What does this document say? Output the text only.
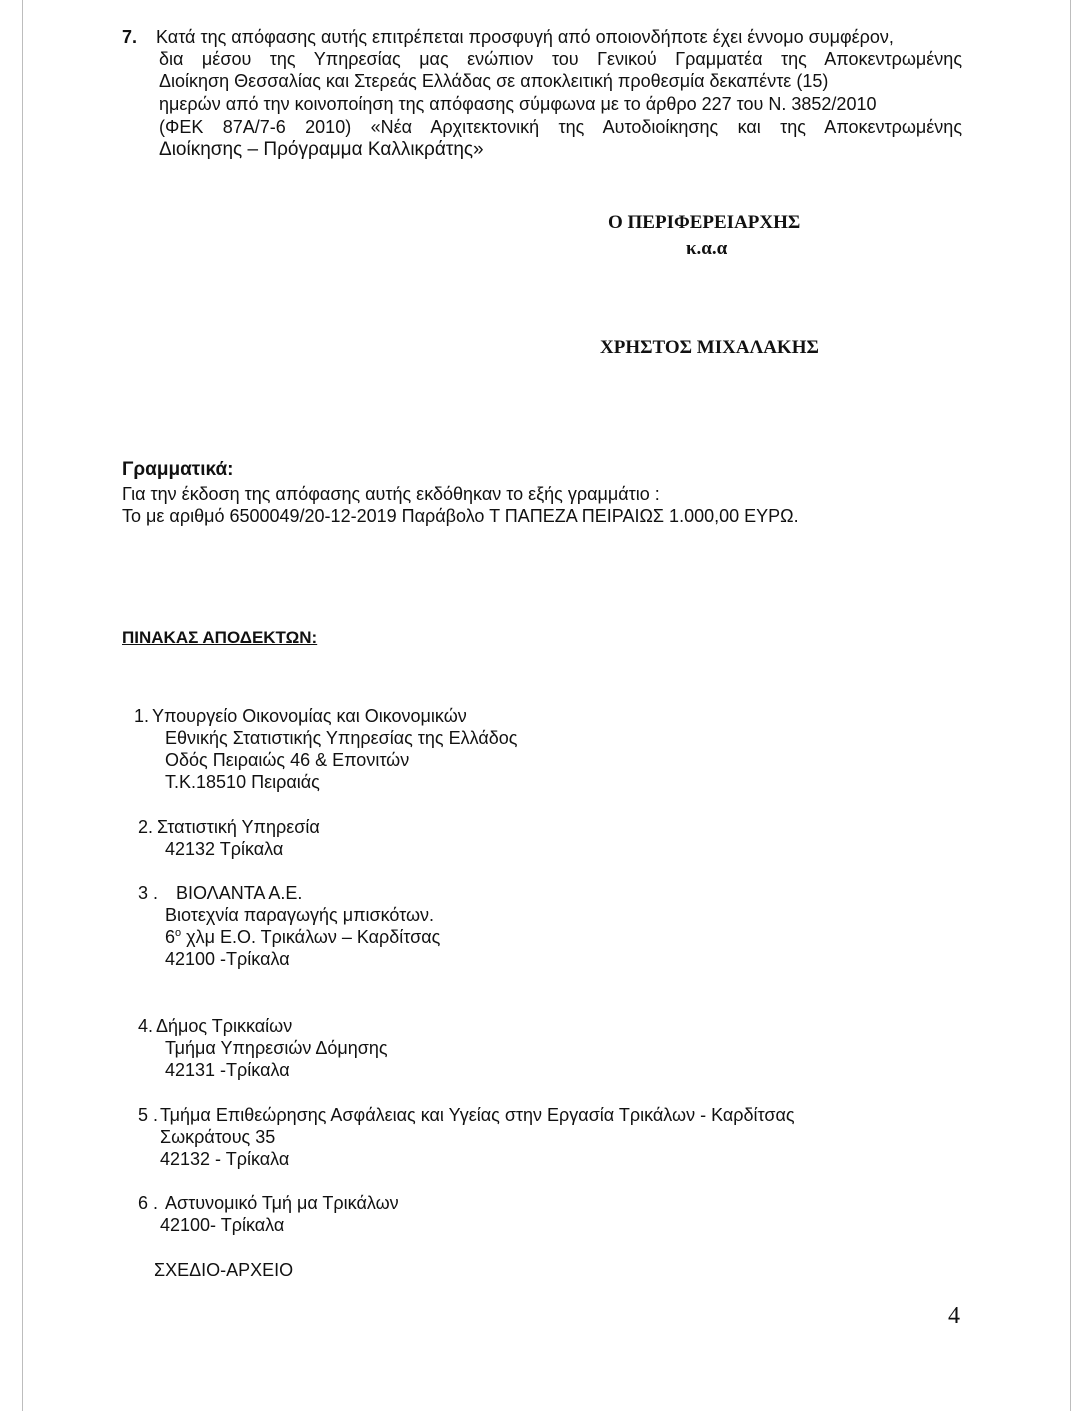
7. Κατά της απόφασης αυτής επιτρέπεται προσφυγή από οποιονδήποτε έχει έννομο συμφέρον,
δια μέσου της Υπηρεσίας μας ενώπιον του Γενικού Γραμματέα της Αποκεντρωμένης
Διοίκηση Θεσσαλίας και Στερεάς Ελλάδας σε αποκλειτική προθεσμία δεκαπέντε (15)
ημερών από την κοινοποίηση της απόφασης σύμφωνα με το άρθρο 227 του Ν. 3852/2010
(ΦΕΚ 87Α/7-6 2010) «Νέα Αρχιτεκτονική της Αυτοδιοίκησης και της Αποκεντρωμένης
Διοίκησης – Πρόγραμμα Καλλικράτης»
Ο ΠΕΡΙΦΕΡΕΙΑΡΧΗΣ
κ.α.α
ΧΡΗΣΤΟΣ ΜΙΧΑΛΑΚΗΣ
Γραμματικά:
Για την έκδοση της απόφασης αυτής εκδόθηκαν το εξής γραμμάτιο :
Το με αριθμό 6500049/20-12-2019 Παράβολο Τ ΠΑΠΕΖΑ ΠΕΙΡΑΙΩΣ 1.000,00 ΕΥΡΩ.
ΠΙΝΑΚΑΣ ΑΠΟΔΕΚΤΩΝ:
1. Υπουργείο Οικονομίας και Οικονομικών
Εθνικής Στατιστικής Υπηρεσίας της Ελλάδος
Οδός Πειραιώς 46 & Επονιτών
Τ.Κ.18510 Πειραιάς
2. Στατιστική Υπηρεσία
42132 Τρίκαλα
3 . ΒΙΟΛΑΝΤΑ Α.Ε.
Βιοτεχνία παραγωγής μπισκότων.
$6^o$ χλμ Ε.Ο. Τρικάλων – Καρδίτσας
42100 -Τρίκαλα
4. Δήμος Τρικκαίων
Τμήμα Υπηρεσιών Δόμησης
42131 -Τρίκαλα
5 . Τμήμα Επιθεώρησης Ασφάλειας και Υγείας στην Εργασία Τρικάλων - Καρδίτσας
Σωκράτους 35
42132 - Τρίκαλα
6 . Αστυνομικό Τμή μα Τρικάλων
42100- Τρίκαλα
ΣΧΕΔΙΟ-ΑΡΧΕΙΟ
4
